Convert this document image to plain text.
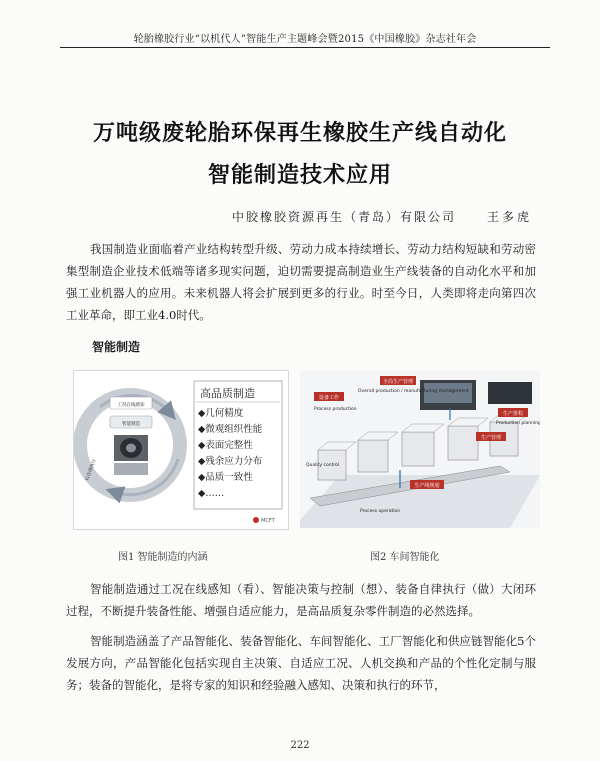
轮胎橡胶行业“以机代人”智能生产主题峰会暨2015《中国橡胶》杂志社年会
万吨级废轮胎环保再生橡胶生产线自动化
智能制造技术应用
中胶橡胶资源再生（青岛）有限公司	王多虎
我国制造业面临着产业结构转型升级、劳动力成本持续增长、劳动力结构短缺和劳动密集型制造企业技术低端等诸多现实问题，迫切需要提高制造业生产线装备的自动化水平和加强工业机器人的应用。未来机器人将会扩展到更多的行业。时至今日，人类即将走向第四次工业革命，即工业4.0时代。
智能制造
工况在线感知
智能制造
以自律执行
高品质制造
◆几何精度
◆微观组织性能
◆表面完整性
◆残余应力分布
◆品质一致性
◆……
MCFT
设备工作
全局生产管理
生产排程
生产管理
生产线规划
Process production
Overall production / manufacturing management
Production planning
Quality control
Process operation
图1 智能制造的内涵	图2 车间智能化
智能制造通过工况在线感知（看）、智能决策与控制（想）、装备自律执行（做）大闭环过程，不断提升装备性能、增强自适应能力，是高品质复杂零件制造的必然选择。
智能制造涵盖了产品智能化、装备智能化、车间智能化、工厂智能化和供应链智能化5个发展方向，产品智能化包括实现自主决策、自适应工况、人机交换和产品的个性化定制与服务；装备的智能化，是将专家的知识和经验融入感知、决策和执行的环节，
222
